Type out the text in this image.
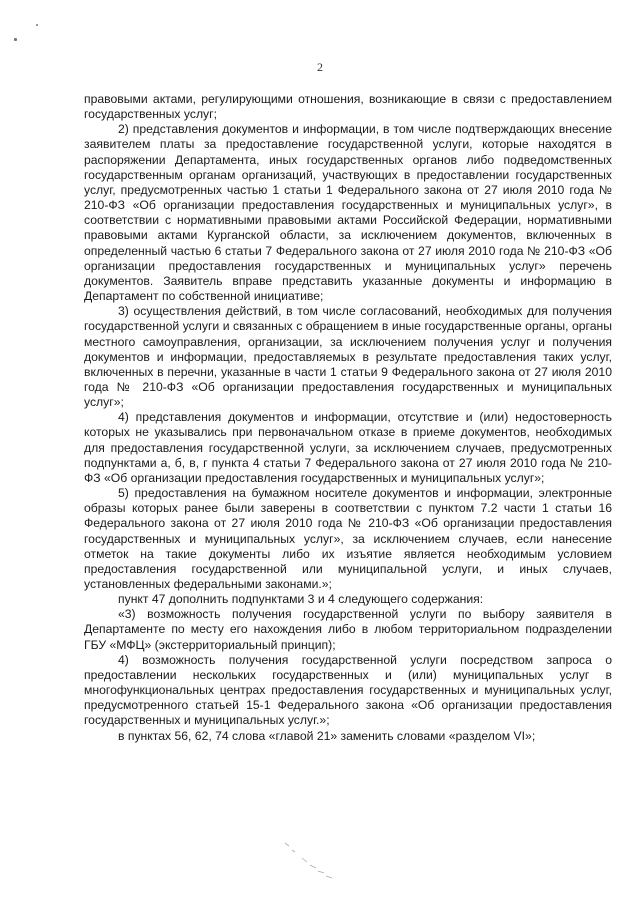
2

правовыми актами, регулирующими отношения, возникающие в связи с предоставлением государственных услуг;

2) представления документов и информации, в том числе подтверждающих внесение заявителем платы за предоставление государственной услуги, которые находятся в распоряжении Департамента, иных государственных органов либо подведомственных государственным органам организаций, участвующих в предоставлении государственных услуг, предусмотренных частью 1 статьи 1 Федерального закона от 27 июля 2010 года № 210-ФЗ «Об организации предоставления государственных и муниципальных услуг», в соответствии с нормативными правовыми актами Российской Федерации, нормативными правовыми актами Курганской области, за исключением документов, включенных в определенный частью 6 статьи 7 Федерального закона от 27 июля 2010 года № 210-ФЗ «Об организации предоставления государственных и муниципальных услуг» перечень документов. Заявитель вправе представить указанные документы и информацию в Департамент по собственной инициативе;

3) осуществления действий, в том числе согласований, необходимых для получения государственной услуги и связанных с обращением в иные государственные органы, органы местного самоуправления, организации, за исключением получения услуг и получения документов и информации, предоставляемых в результате предоставления таких услуг, включенных в перечни, указанные в части 1 статьи 9 Федерального закона от 27 июля 2010 года № 210-ФЗ «Об организации предоставления государственных и муниципальных услуг»;

4) представления документов и информации, отсутствие и (или) недостоверность которых не указывались при первоначальном отказе в приеме документов, необходимых для предоставления государственной услуги, за исключением случаев, предусмотренных подпунктами а, б, в, г пункта 4 статьи 7 Федерального закона от 27 июля 2010 года № 210-ФЗ «Об организации предоставления государственных и муниципальных услуг»;

5) предоставления на бумажном носителе документов и информации, электронные образы которых ранее были заверены в соответствии с пунктом 7.2 части 1 статьи 16 Федерального закона от 27 июля 2010 года № 210-ФЗ «Об организации предоставления государственных и муниципальных услуг», за исключением случаев, если нанесение отметок на такие документы либо их изъятие является необходимым условием предоставления государственной или муниципальной услуги, и иных случаев, установленных федеральными законами.»;

пункт 47 дополнить подпунктами 3 и 4 следующего содержания:

«3) возможность получения государственной услуги по выбору заявителя в Департаменте по месту его нахождения либо в любом территориальном подразделении ГБУ «МФЦ» (экстерриториальный принцип);

4) возможность получения государственной услуги посредством запроса о предоставлении нескольких государственных и (или) муниципальных услуг в многофункциональных центрах предоставления государственных и муниципальных услуг, предусмотренного статьей 15-1 Федерального закона «Об организации предоставления государственных и муниципальных услуг.»;

в пунктах 56, 62, 74 слова «главой 21» заменить словами «разделом VI»;
